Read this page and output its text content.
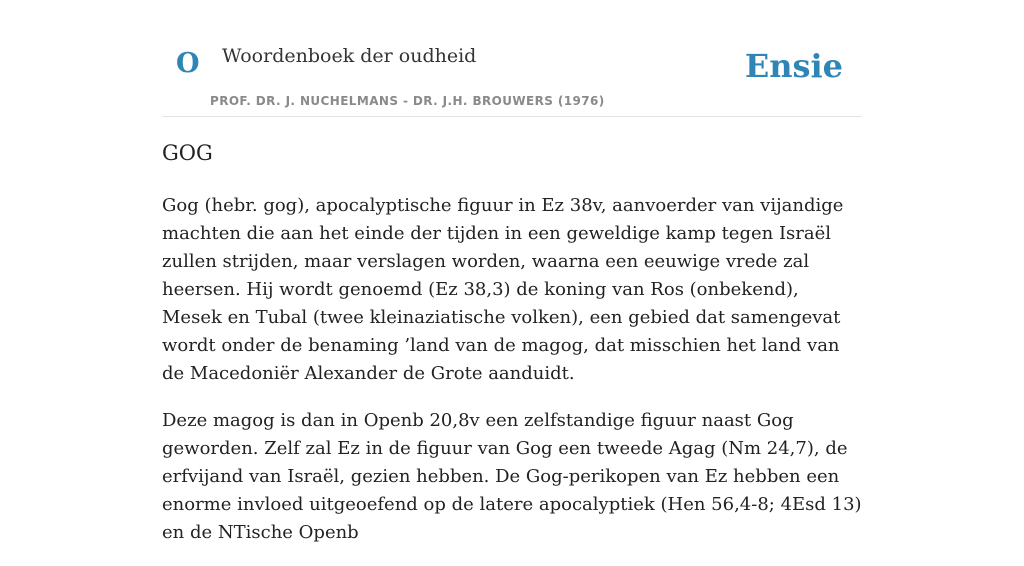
O Woordenboek der oudheid
PROF. DR. J. NUCHELMANS - DR. J.H. BROUWERS (1976)
Ensie
GOG

Gog (hebr. gog), apocalyptische figuur in Ez 38v, aanvoerder van vijandige machten die aan het einde der tijden in een geweldige kamp tegen Israël zullen strijden, maar verslagen worden, waarna een eeuwige vrede zal heersen. Hij wordt genoemd (Ez 38,3) de koning van Ros (onbekend), Mesek en Tubal (twee kleinaziatische volken), een gebied dat samengevat wordt onder de benaming ’land van de magog, dat misschien het land van de Macedoniër Alexander de Grote aanduidt.

Deze magog is dan in Openb 20,8v een zelfstandige figuur naast Gog geworden. Zelf zal Ez in de figuur van Gog een tweede Agag (Nm 24,7), de erfvijand van Israël, gezien hebben. De Gog-perikopen van Ez hebben een enorme invloed uitgeoefend op de latere apocalyptiek (Hen 56,4-8; 4Esd 13) en de NTische Openb
